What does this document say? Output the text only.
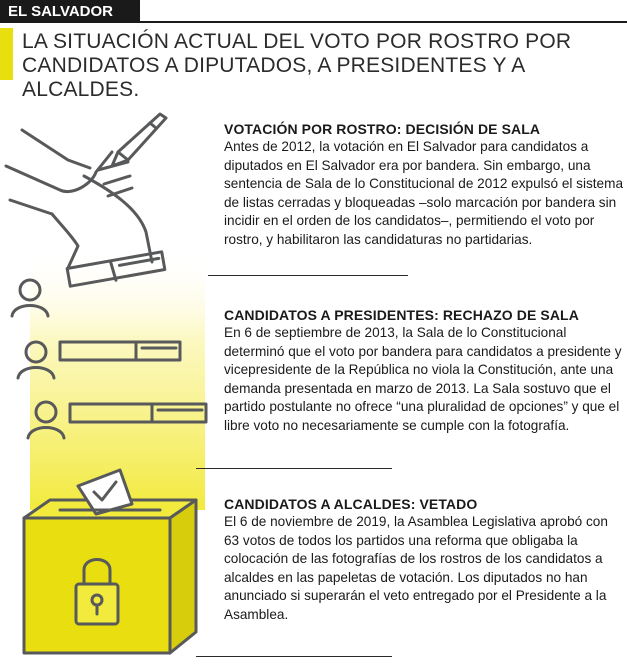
EL SALVADOR
LA SITUACIÓN ACTUAL DEL VOTO POR ROSTRO POR
CANDIDATOS A DIPUTADOS, A PRESIDENTES Y A ALCALDES.
VOTACIÓN POR ROSTRO: DECISIÓN DE SALA

Antes de 2012, la votación en El Salvador para candidatos a diputados en El Salvador era por bandera. Sin embargo, una sentencia de Sala de lo Constitucional de 2012 expulsó el sistema de listas cerradas y bloqueadas –solo marcación por bandera sin incidir en el orden de los candidatos–, permitiendo el voto por rostro, y habilitaron las candidaturas no partidarias.

CANDIDATOS A PRESIDENTES: RECHAZO DE SALA

En 6 de septiembre de 2013, la Sala de lo Constitucional determinó que el voto por bandera para candidatos a presidente y vicepresidente de la República no viola la Constitución, ante una demanda presentada en marzo de 2013. La Sala sostuvo que el partido postulante no ofrece “una pluralidad de opciones” y que el libre voto no necesariamente se cumple con la fotografía.

CANDIDATOS A ALCALDES: VETADO

El 6 de noviembre de 2019, la Asamblea Legislativa aprobó con 63 votos de todos los partidos una reforma que obligaba la colocación de las fotografías de los rostros de los candidatos a alcaldes en las papeletas de votación. Los diputados no han anunciado si superarán el veto entregado por el Presidente a la Asamblea.
